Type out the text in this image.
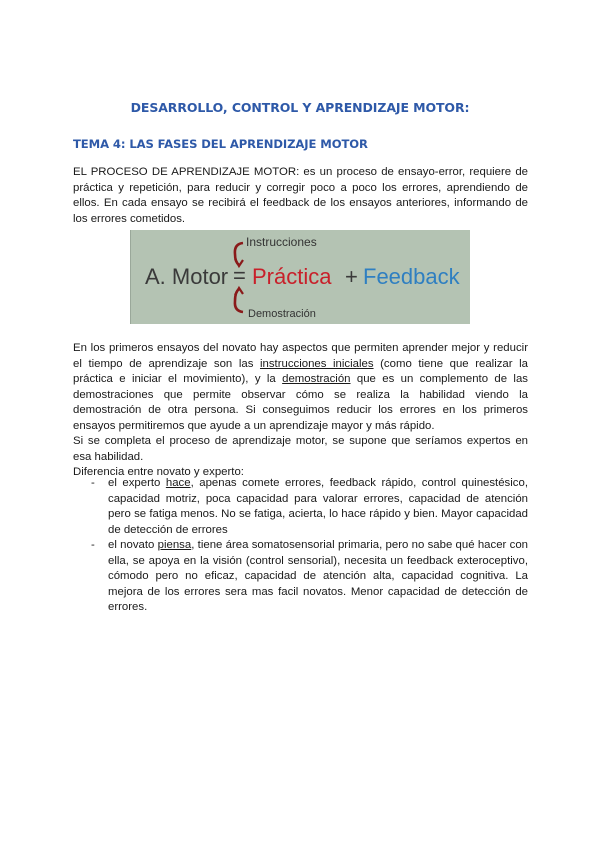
DESARROLLO, CONTROL Y APRENDIZAJE MOTOR:
TEMA 4: LAS FASES DEL APRENDIZAJE MOTOR

EL PROCESO DE APRENDIZAJE MOTOR: es un proceso de ensayo-error, requiere de práctica y repetición, para reducir y corregir poco a poco los errores, aprendiendo de ellos. En cada ensayo se recibirá el feedback de los ensayos anteriores, informando de los errores cometidos.

Instrucciones
A. Motor = Práctica + Feedback
Demostración
En los primeros ensayos del novato hay aspectos que permiten aprender mejor y reducir el tiempo de aprendizaje son las instrucciones iniciales (como tiene que realizar la práctica e iniciar el movimiento), y la demostración que es un complemento de las demostraciones que permite observar cómo se realiza la habilidad viendo la demostración de otra persona. Si conseguimos reducir los errores en los primeros ensayos permitiremos que ayude a un aprendizaje mayor y más rápido.
Si se completa el proceso de aprendizaje motor, se supone que seríamos expertos en esa habilidad.
Diferencia entre novato y experto:
- el experto hace, apenas comete errores, feedback rápido, control quinestésico, capacidad motriz, poca capacidad para valorar errores, capacidad de atención pero se fatiga menos. No se fatiga, acierta, lo hace rápido y bien. Mayor capacidad de detección de errores
- el novato piensa, tiene área somatosensorial primaria, pero no sabe qué hacer con ella, se apoya en la visión (control sensorial), necesita un feedback exteroceptivo, cómodo pero no eficaz, capacidad de atención alta, capacidad cognitiva. La mejora de los errores sera mas facil novatos. Menor capacidad de detección de errores.
